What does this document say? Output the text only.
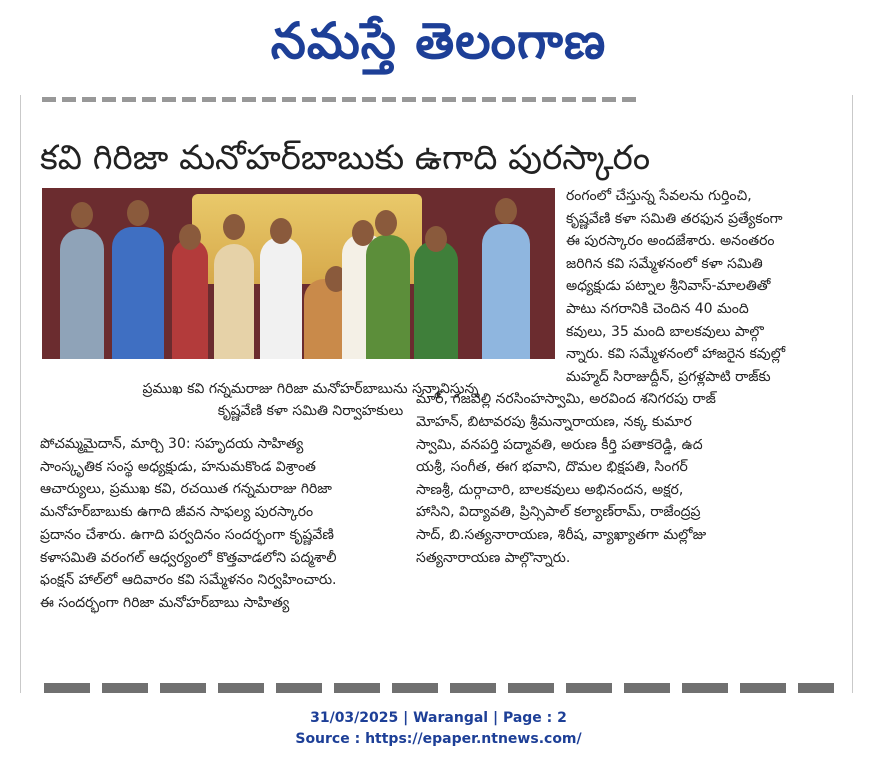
నమస్తే తెలంగాణ
కవి గిరిజా మనోహర్‌బాబుకు ఉగాది పురస్కారం
ప్రముఖ కవి గన్నమరాజు గిరిజా మనోహర్‌బాబును సన్మానిస్తున్న
కృష్ణవేణి కళా సమితి నిర్వాహకులు

పోచమ్మమైదాన్, మార్చి 30: సహృదయ సాహిత్య

సాంస్కృతిక సంస్థ అధ్యక్షుడు, హనుమకొండ విశ్రాంత

ఆచార్యులు, ప్రముఖ కవి, రచయిత గన్నమరాజు గిరిజా

మనోహర్‌బాబుకు ఉగాది జీవన సాఫల్య పురస్కారం

ప్రదానం చేశారు. ఉగాది పర్వదినం సందర్భంగా కృష్ణవేణి

కళాసమితి వరంగల్ ఆధ్వర్యంలో కొత్తవాడలోని పద్మశాలీ

ఫంక్షన్ హాల్‌లో ఆదివారం కవి సమ్మేళనం నిర్వహించారు.

ఈ సందర్భంగా గిరిజా మనోహర్‌బాబు సాహిత్య

రంగంలో చేస్తున్న సేవలను గుర్తించి,

కృష్ణవేణి కళా సమితి తరఫున ప్రత్యేకంగా

ఈ పురస్కారం అందజేశారు. అనంతరం

జరిగిన కవి సమ్మేళనంలో కళా సమితి

అధ్యక్షుడు పట్నాల శ్రీనివాస్-మాలతితో

పాటు నగరానికి చెందిన 40 మంది

కవులు, 35 మంది బాలకవులు పాల్గొ

న్నారు. కవి సమ్మేళనంలో హాజరైన కవుల్లో

మహ్మద్ సిరాజుద్దీన్, ప్రగళ్లపాటి రాజ్‌కు

మార్, గజవెల్లి నరసింహస్వామి, అరవింద శనిగరపు రాజ్

మోహన్, బిటావరపు శ్రీమన్నారాయణ, నక్క కుమార

స్వామి, వనపర్తి పద్మావతి, అరుణ కీర్తి పతాకరెడ్డి, ఉద

యశ్రీ, సంగీత, ఈగ భవాని, దొమల భిక్షపతి, సింగర్

సాణశ్రీ, దుర్గాచారి, బాలకవులు అభినందన, అక్షర,

హాసిని, విద్యావతి, ప్రిన్సిపాల్ కల్యాణ్‌రామ్, రాజేంద్రప్ర

సాద్, బి.సత్యనారాయణ, శిరీష, వ్యాఖ్యాతగా మల్లోజు

సత్యనారాయణ పాల్గొన్నారు.

31/03/2025 | Warangal | Page : 2
Source : https://epaper.ntnews.com/
